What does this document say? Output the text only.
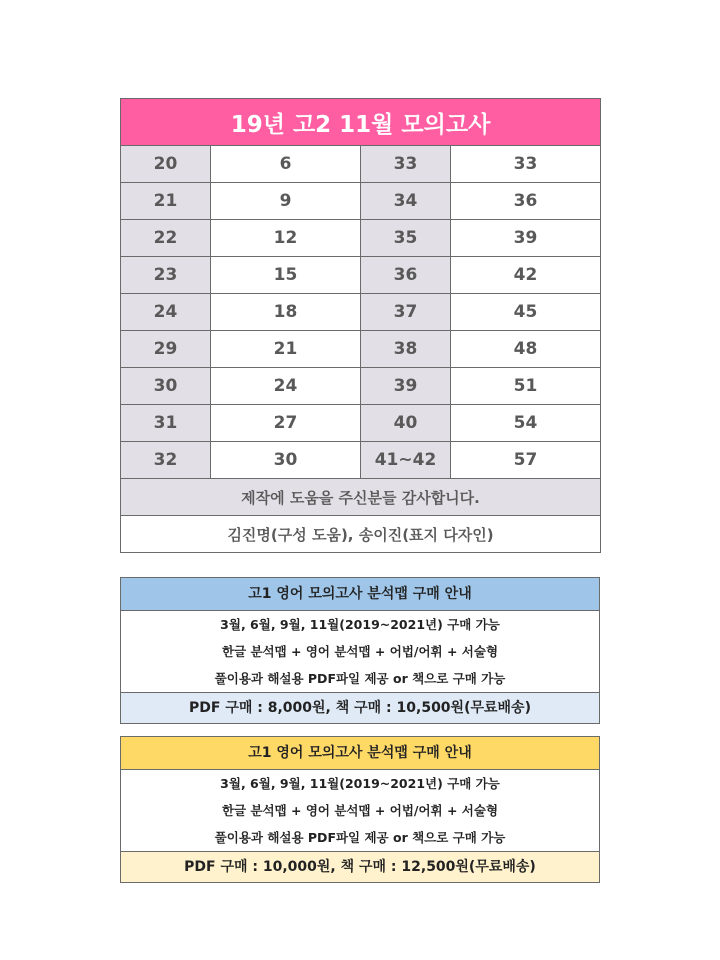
19년 고2 11월 모의고사			
20	6	33	33
21	9	34	36
22	12	35	39
23	15	36	42
24	18	37	45
29	21	38	48
30	24	39	51
31	27	40	54
32	30	41~42	57
제작에 도움을 주신분들 감사합니다.			
김진명(구성 도움), 송이진(표지 다자인)			
고1 영어 모의고사 분석맵 구매 안내
3월, 6월, 9월, 11월(2019~2021년) 구매 가능
한글 분석맵 + 영어 분석맵 + 어법/어휘 + 서술형
풀이용과 해설용 PDF파일 제공 or 책으로 구매 가능
PDF 구매 : 8,000원, 책 구매 : 10,500원(무료배송)
고1 영어 모의고사 분석맵 구매 안내
3월, 6월, 9월, 11월(2019~2021년) 구매 가능
한글 분석맵 + 영어 분석맵 + 어법/어휘 + 서술형
풀이용과 해설용 PDF파일 제공 or 책으로 구매 가능
PDF 구매 : 10,000원, 책 구매 : 12,500원(무료배송)
